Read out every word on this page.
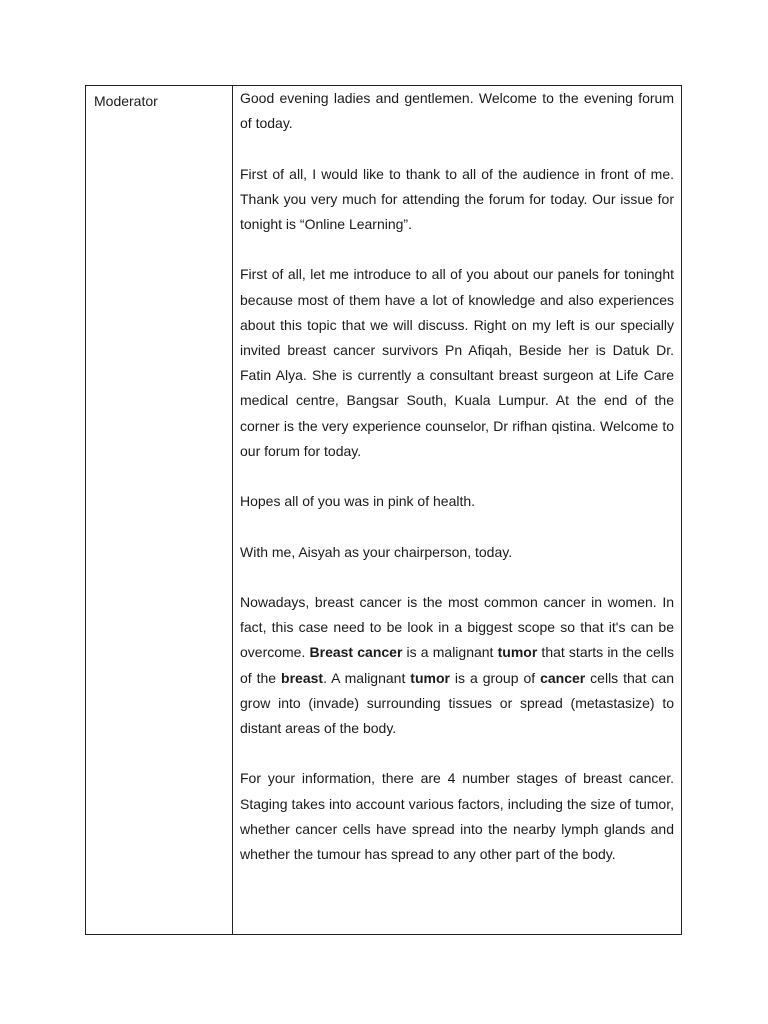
Moderator	Good evening ladies and gentlemen. Welcome to the evening forum of today.

First of all, I would like to thank to all of the audience in front of me. Thank you very much for attending the forum for today. Our issue for tonight is “Online Learning”.

First of all, let me introduce to all of you about our panels for toninght because most of them have a lot of knowledge and also experiences about this topic that we will discuss. Right on my left is our specially invited breast cancer survivors Pn Afiqah, Beside her is Datuk Dr. Fatin Alya. She is currently a consultant breast surgeon at Life Care medical centre, Bangsar South, Kuala Lumpur. At the end of the corner is the very experience counselor, Dr rifhan qistina. Welcome to our forum for today.

Hopes all of you was in pink of health.

With me, Aisyah as your chairperson, today.

Nowadays, breast cancer is the most common cancer in women. In fact, this case need to be look in a biggest scope so that it's can be overcome. Breast cancer is a malignant tumor that starts in the cells of the breast. A malignant tumor is a group of cancer cells that can grow into (invade) surrounding tissues or spread (metastasize) to distant areas of the body.

For your information, there are 4 number stages of breast cancer. Staging takes into account various factors, including the size of tumor, whether cancer cells have spread into the nearby lymph glands and whether the tumour has spread to any other part of the body.
